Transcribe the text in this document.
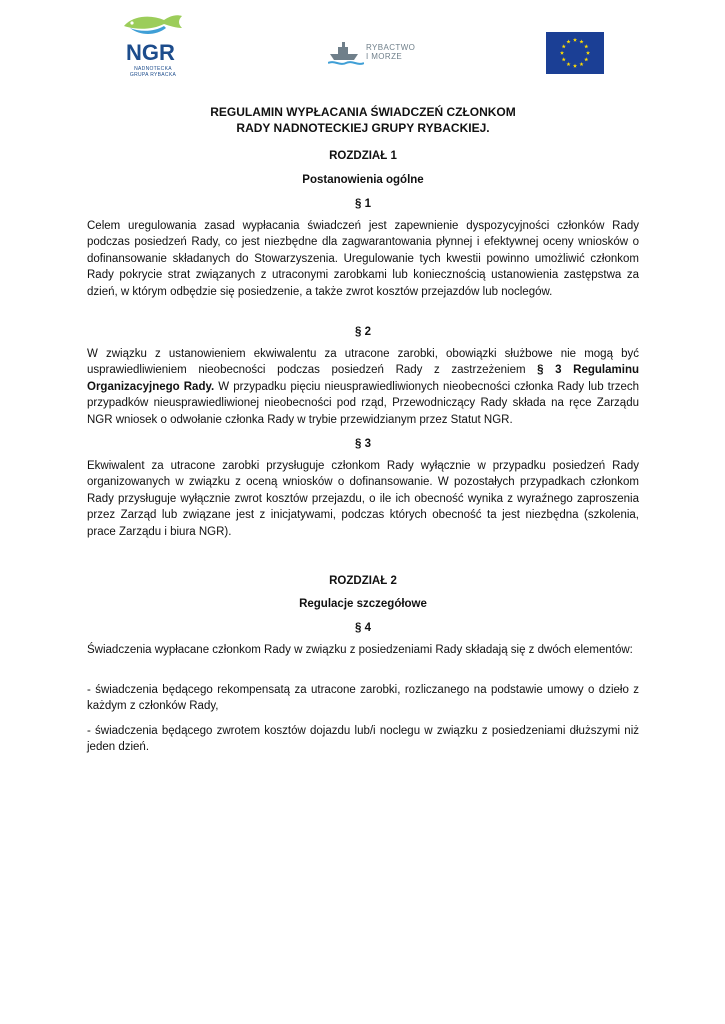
NGR
NADNOTECKA
GRUPA RYBACKA
RYBACTWO
I MORZE
REGULAMIN WYPŁACANIA ŚWIADCZEŃ CZŁONKOM
RADY NADNOTECKIEJ GRUPY RYBACKIEJ.
ROZDZIAŁ 1
Postanowienia ogólne
§ 1
Celem uregulowania zasad wypłacania świadczeń jest zapewnienie dyspozycyjności członków Rady podczas posiedzeń Rady, co jest niezbędne dla zagwarantowania płynnej i efektywnej oceny wniosków o dofinansowanie składanych do Stowarzyszenia. Uregulowanie tych kwestii powinno umożliwić członkom Rady pokrycie strat związanych z utraconymi zarobkami lub koniecznością ustanowienia zastępstwa za dzień, w którym odbędzie się posiedzenie, a także zwrot kosztów przejazdów lub noclegów.
§ 2
W związku z ustanowieniem ekwiwalentu za utracone zarobki, obowiązki służbowe nie mogą być usprawiedliwieniem nieobecności podczas posiedzeń Rady z zastrzeżeniem § 3 Regulaminu Organizacyjnego Rady. W przypadku pięciu nieusprawiedliwionych nieobecności członka Rady lub trzech przypadków nieusprawiedliwionej nieobecności pod rząd, Przewodniczący Rady składa na ręce Zarządu NGR wniosek o odwołanie członka Rady w trybie przewidzianym przez Statut NGR.
§ 3
Ekwiwalent za utracone zarobki przysługuje członkom Rady wyłącznie w przypadku posiedzeń Rady organizowanych w związku z oceną wniosków o dofinansowanie. W pozostałych przypadkach członkom Rady przysługuje wyłącznie zwrot kosztów przejazdu, o ile ich obecność wynika z wyraźnego zaproszenia przez Zarząd lub związane jest z inicjatywami, podczas których obecność ta jest niezbędna (szkolenia, prace Zarządu i biura NGR).
ROZDZIAŁ 2
Regulacje szczegółowe
§ 4
Świadczenia wypłacane członkom Rady w związku z posiedzeniami Rady składają się z dwóch elementów:
- świadczenia będącego rekompensatą za utracone zarobki, rozliczanego na podstawie umowy o dzieło z każdym z członków Rady,
- świadczenia będącego zwrotem kosztów dojazdu lub/i noclegu w związku z posiedzeniami dłuższymi niż jeden dzień.
